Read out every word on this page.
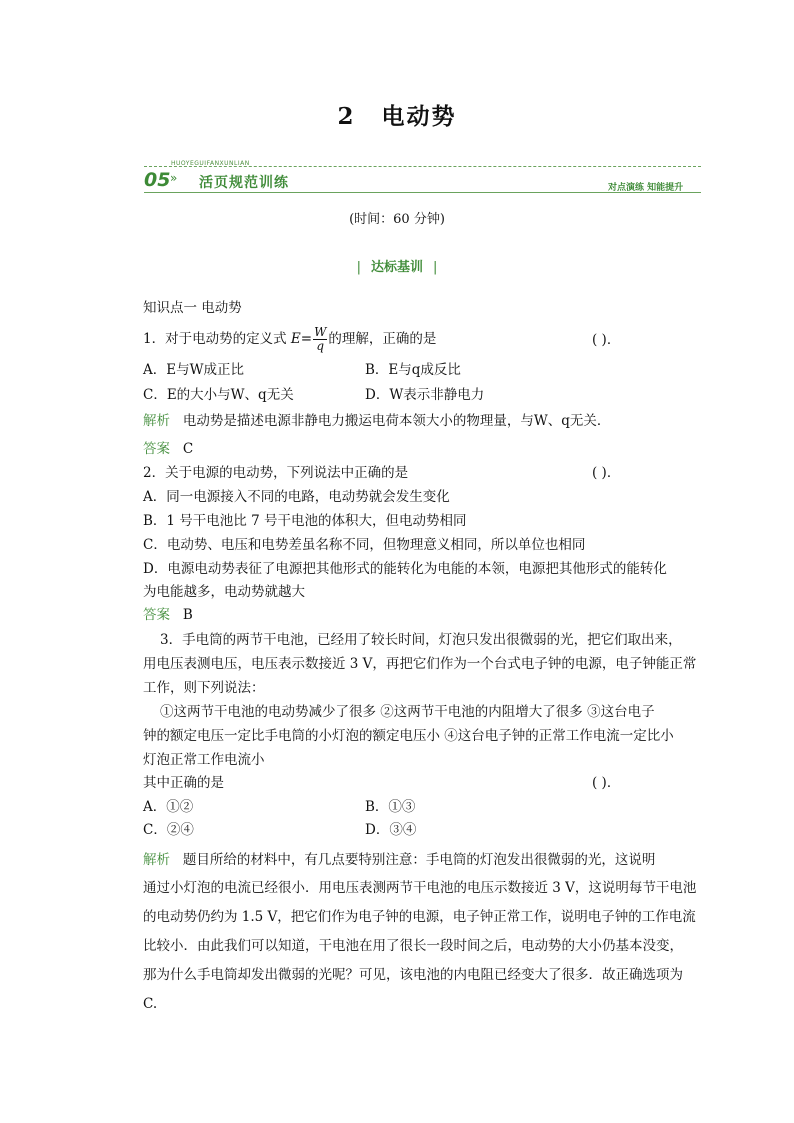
2 电动势
HUOYEGUIFANXUNLIAN
05 » 活页规范训练	对点演练 知能提升
(时间：60 分钟)
| 达标基训 |
知识点一 电动势
1．对于电动势的定义式 $E= \frac{W}{q}$ 的理解，正确的是	( )．
A．E与W成正比	B．E与q成反比
C．E的大小与W、q无关	D．W表示非静电力
解析 电动势是描述电源非静电力搬运电荷本领大小的物理量，与W、q无关．
答案 C
2．关于电源的电动势，下列说法中正确的是	( )．
A．同一电源接入不同的电路，电动势就会发生变化
B．1 号干电池比 7 号干电池的体积大，但电动势相同
C．电动势、电压和电势差虽名称不同，但物理意义相同，所以单位也相同
D．电源电动势表征了电源把其他形式的能转化为电能的本领，电源把其他形式的能转化
为电能越多，电动势就越大
答案 B
3．手电筒的两节干电池，已经用了较长时间，灯泡只发出很微弱的光，把它们取出来，
用电压表测电压，电压表示数接近 3 V，再把它们作为一个台式电子钟的电源，电子钟能正常
工作，则下列说法：
①这两节干电池的电动势减少了很多 ②这两节干电池的内阻增大了很多 ③这台电子
钟的额定电压一定比手电筒的小灯泡的额定电压小 ④这台电子钟的正常工作电流一定比小
灯泡正常工作电流小
其中正确的是	( )．
A．①②	B．①③
C．②④	D．③④
解析 题目所给的材料中，有几点要特别注意：手电筒的灯泡发出很微弱的光，这说明
通过小灯泡的电流已经很小．用电压表测两节干电池的电压示数接近 3 V，这说明每节干电池
的电动势仍约为 1.5 V，把它们作为电子钟的电源，电子钟正常工作，说明电子钟的工作电流
比较小．由此我们可以知道，干电池在用了很长一段时间之后，电动势的大小仍基本没变，
那为什么手电筒却发出微弱的光呢？可见，该电池的内电阻已经变大了很多．故正确选项为
C.
